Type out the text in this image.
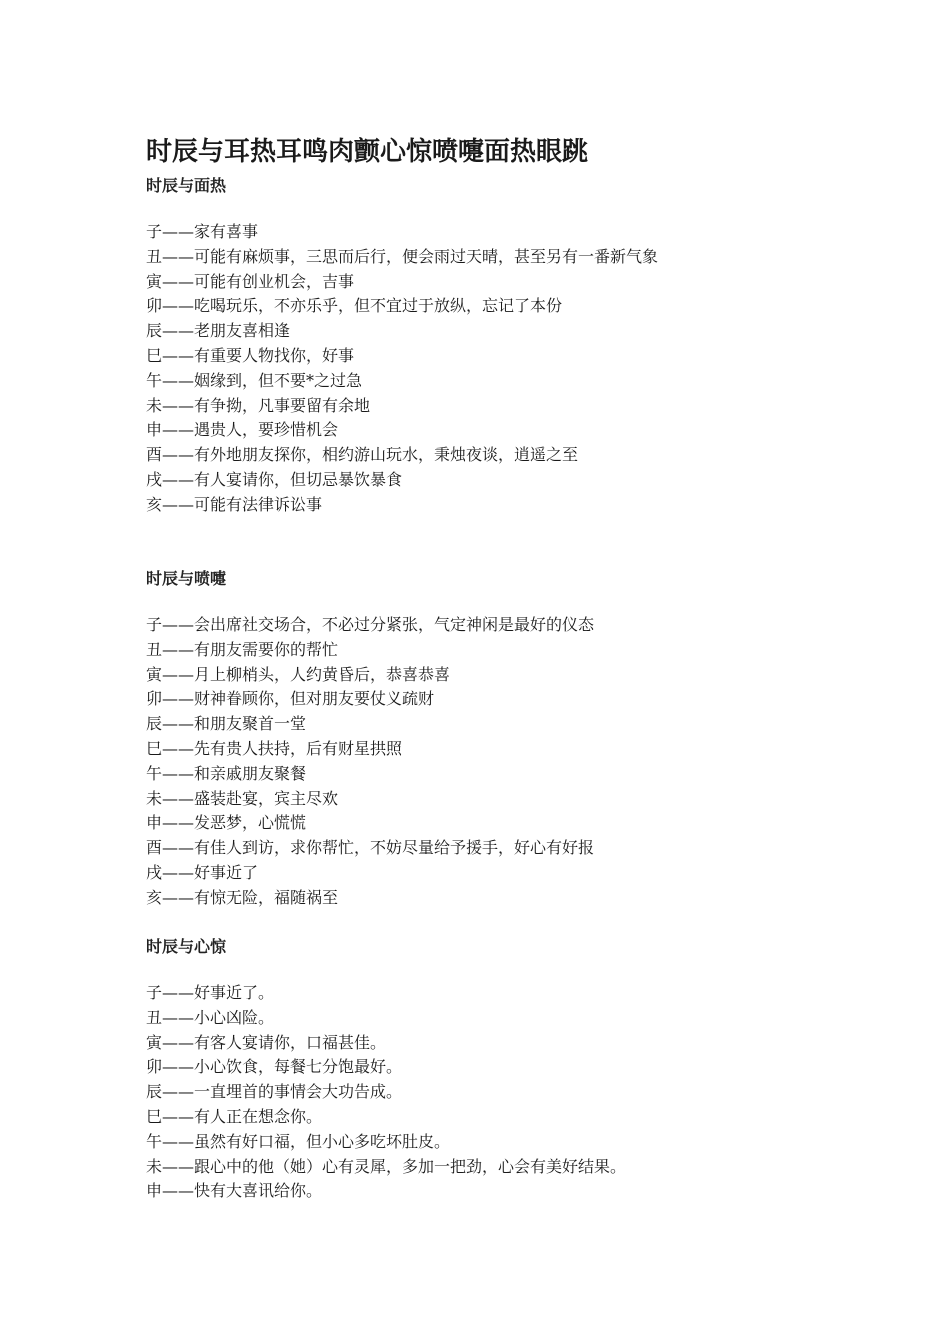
时辰与耳热耳鸣肉颤心惊喷嚏面热眼跳
时辰与面热
子——家有喜事
丑——可能有麻烦事，三思而后行，便会雨过天晴，甚至另有一番新气象
寅——可能有创业机会，吉事
卯——吃喝玩乐，不亦乐乎，但不宜过于放纵，忘记了本份
辰——老朋友喜相逢
巳——有重要人物找你，好事
午——姻缘到，但不要*之过急
未——有争拗，凡事要留有余地
申——遇贵人，要珍惜机会
酉——有外地朋友探你，相约游山玩水，秉烛夜谈，逍遥之至
戌——有人宴请你，但切忌暴饮暴食
亥——可能有法律诉讼事
时辰与喷嚏
子——会出席社交场合，不必过分紧张，气定神闲是最好的仪态
丑——有朋友需要你的帮忙
寅——月上柳梢头，人约黄昏后，恭喜恭喜
卯——财神眷顾你，但对朋友要仗义疏财
辰——和朋友聚首一堂
巳——先有贵人扶持，后有财星拱照
午——和亲戚朋友聚餐
未——盛装赴宴，宾主尽欢
申——发恶梦，心慌慌
酉——有佳人到访，求你帮忙，不妨尽量给予援手，好心有好报
戌——好事近了
亥——有惊无险，福随祸至
时辰与心惊
子——好事近了。
丑——小心凶险。
寅——有客人宴请你，口福甚佳。
卯——小心饮食，每餐七分饱最好。
辰——一直埋首的事情会大功告成。
巳——有人正在想念你。
午——虽然有好口福，但小心多吃坏肚皮。
未——跟心中的他（她）心有灵犀，多加一把劲，心会有美好结果。
申——快有大喜讯给你。
